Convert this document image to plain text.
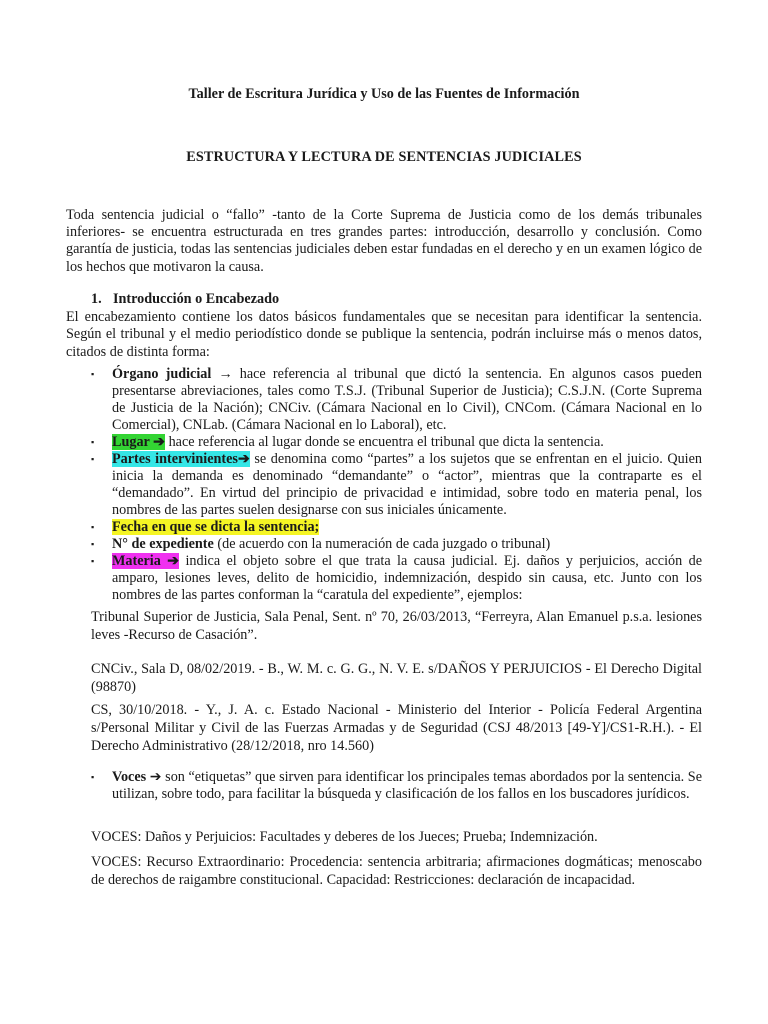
Taller de Escritura Jurídica y Uso de las Fuentes de Información
ESTRUCTURA Y LECTURA DE SENTENCIAS JUDICIALES
Toda sentencia judicial o “fallo” -tanto de la Corte Suprema de Justicia como de los demás tribunales inferiores- se encuentra estructurada en tres grandes partes: introducción, desarrollo y conclusión. Como garantía de justicia, todas las sentencias judiciales deben estar fundadas en el derecho y en un examen lógico de los hechos que motivaron la causa.
1. Introducción o Encabezado
El encabezamiento contiene los datos básicos fundamentales que se necesitan para identificar la sentencia. Según el tribunal y el medio periodístico donde se publique la sentencia, podrán incluirse más o menos datos, citados de distinta forma:
▪ Órgano judicial → hace referencia al tribunal que dictó la sentencia. En algunos casos pueden presentarse abreviaciones, tales como T.S.J. (Tribunal Superior de Justicia); C.S.J.N. (Corte Suprema de Justicia de la Nación); CNCiv. (Cámara Nacional en lo Civil), CNCom. (Cámara Nacional en lo Comercial), CNLab. (Cámara Nacional en lo Laboral), etc.
▪ Lugar ➔ hace referencia al lugar donde se encuentra el tribunal que dicta la sentencia.
▪ Partes intervinientes➔ se denomina como “partes” a los sujetos que se enfrentan en el juicio. Quien inicia la demanda es denominado “demandante” o “actor”, mientras que la contraparte es el “demandado”. En virtud del principio de privacidad e intimidad, sobre todo en materia penal, los nombres de las partes suelen designarse con sus iniciales únicamente.
▪ Fecha en que se dicta la sentencia;
▪ N° de expediente (de acuerdo con la numeración de cada juzgado o tribunal)
▪ Materia ➔ indica el objeto sobre el que trata la causa judicial. Ej. daños y perjuicios, acción de amparo, lesiones leves, delito de homicidio, indemnización, despido sin causa, etc. Junto con los nombres de las partes conforman la “caratula del expediente”, ejemplos:
Tribunal Superior de Justicia, Sala Penal, Sent. nº 70, 26/03/2013, “Ferreyra, Alan Emanuel p.s.a. lesiones leves -Recurso de Casación”.
CNCiv., Sala D, 08/02/2019. - B., W. M. c. G. G., N. V. E. s/DAÑOS Y PERJUICIOS - El Derecho Digital (98870)
CS, 30/10/2018. - Y., J. A. c. Estado Nacional - Ministerio del Interior - Policía Federal Argentina s/Personal Militar y Civil de las Fuerzas Armadas y de Seguridad (CSJ 48/2013 [49-Y]/CS1-R.H.). - El Derecho Administrativo (28/12/2018, nro 14.560)
▪ Voces ➔ son “etiquetas” que sirven para identificar los principales temas abordados por la sentencia. Se utilizan, sobre todo, para facilitar la búsqueda y clasificación de los fallos en los buscadores jurídicos.
VOCES: Daños y Perjuicios: Facultades y deberes de los Jueces; Prueba; Indemnización.
VOCES: Recurso Extraordinario: Procedencia: sentencia arbitraria; afirmaciones dogmáticas; menoscabo de derechos de raigambre constitucional. Capacidad: Restricciones: declaración de incapacidad.
